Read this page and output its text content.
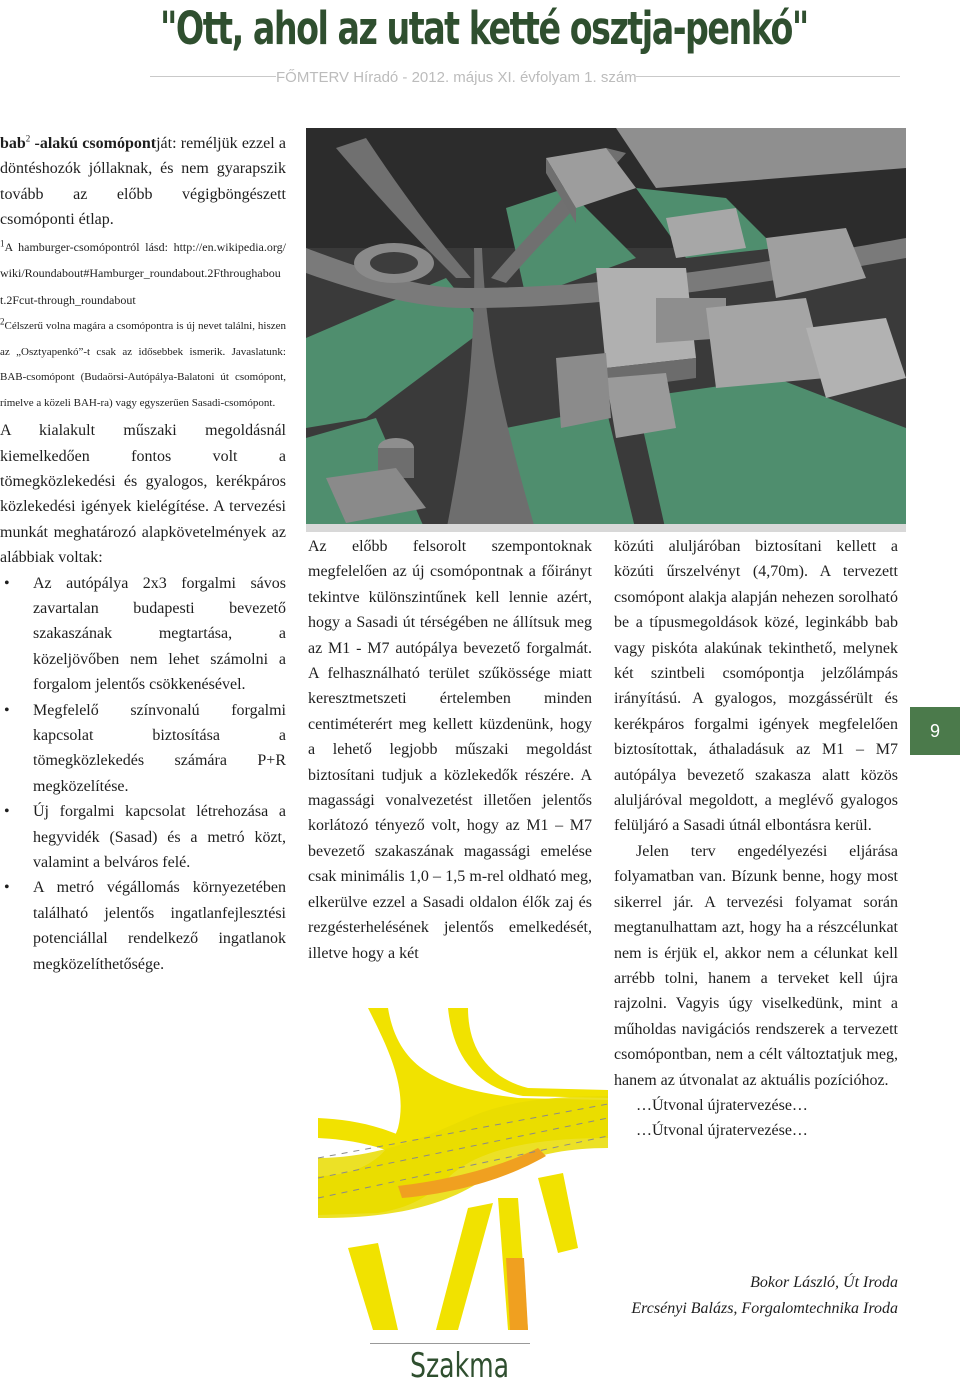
"Ott, ahol az utat ketté osztja-penkó"
FŐMTERV Híradó - 2012. május XI. évfolyam 1. szám

bab$^2$ -alakú csomópontját: reméljük ezzel a döntéshozók jóllaknak, és nem gyarapszik tovább az előbb végigböngészett csomóponti étlap.

$^1$A hamburger-csomópontról lásd: http://en.wikipedia.org/wiki/Roundabout#Hamburger_roundabout.2Fthroughabout.2Fcut-through_roundabout

$^2$Célszerű volna magára a csomópontra is új nevet találni, hiszen az „Osztyapenkó”-t csak az idősebbek ismerik. Javaslatunk: BAB-csomópont (Budaörsi-Autópálya-Balatoni út csomópont, rímelve a közeli BAH-ra) vagy egyszerűen Sasadi-csomópont.

A kialakult műszaki megoldásnál kiemelkedően fontos volt a tömegközlekedési és gyalogos, kerékpáros közlekedési igények kielégítése. A tervezési munkát meghatározó alapkövetelmények az alábbiak voltak:

• Az autópálya 2x3 forgalmi sávos zavartalan budapesti bevezető szakaszának megtartása, a közeljövőben nem lehet számolni a forgalom jelentős csökkenésével.
• Megfelelő színvonalú forgalmi kapcsolat biztosítása a tömegközlekedés számára P+R megközelítése.
• Új forgalmi kapcsolat létrehozása a hegyvidék (Sasad) és a metró közt, valamint a belváros felé.
• A metró végállomás környezetében található jelentős ingatlanfejlesztési potenciállal rendelkező ingatlanok megközelíthetősége.

Az előbb felsorolt szempontoknak megfelelően az új csomópontnak a főirányt tekintve különszintűnek kell lennie azért, hogy a Sasadi út térségében ne állítsuk meg az M1 - M7 autópálya bevezető forgalmát. A felhasználható terület szűkössége miatt keresztmetszeti értelemben minden centiméterért meg kellett küzdenünk, hogy a lehető legjobb műszaki megoldást biztosítani tudjuk a közlekedők részére. A magassági vonalvezetést illetően jelentős korlátozó tényező volt, hogy az M1 – M7 bevezető szakaszának magassági emelése csak minimális 1,0 – 1,5 m-rel oldható meg, elkerülve ezzel a Sasadi oldalon élők zaj és rezgésterhelésének jelentős emelkedését, illetve hogy a két

közúti aluljáróban biztosítani kellett a közúti űrszelvényt (4,70m). A tervezett csomópont alakja alapján nehezen sorolható be a típusmegoldások közé, leginkább bab vagy piskóta alakúnak tekinthető, melynek két szintbeli csomópontja jelzőlámpás irányítású. A gyalogos, mozgássérült és kerékpáros forgalmi igények megfelelően biztosítottak, áthaladásuk az M1 – M7 autópálya bevezető szakasza alatt közös aluljáróval megoldott, a meglévő gyalogos felüljáró a Sasadi útnál elbontásra kerül.

Jelen terv engedélyezési eljárása folyamatban van. Bízunk benne, hogy most sikerrel jár. A tervezési folyamat során megtanulhattam azt, hogy ha a részcélunkat nem is érjük el, akkor nem a célunkat kell arrébb tolni, hanem a terveket kell újra rajzolni. Vagyis úgy viselkedünk, mint a műholdas navigációs rendszerek a tervezett csomópontban, nem a célt változtatjuk meg, hanem az útvonalat az aktuális pozícióhoz.

…Útvonal újratervezése…

…Útvonal újratervezése…

9
Bokor László, Út Iroda
Ercsényi Balázs, Forgalomtechnika Iroda
Szakma
